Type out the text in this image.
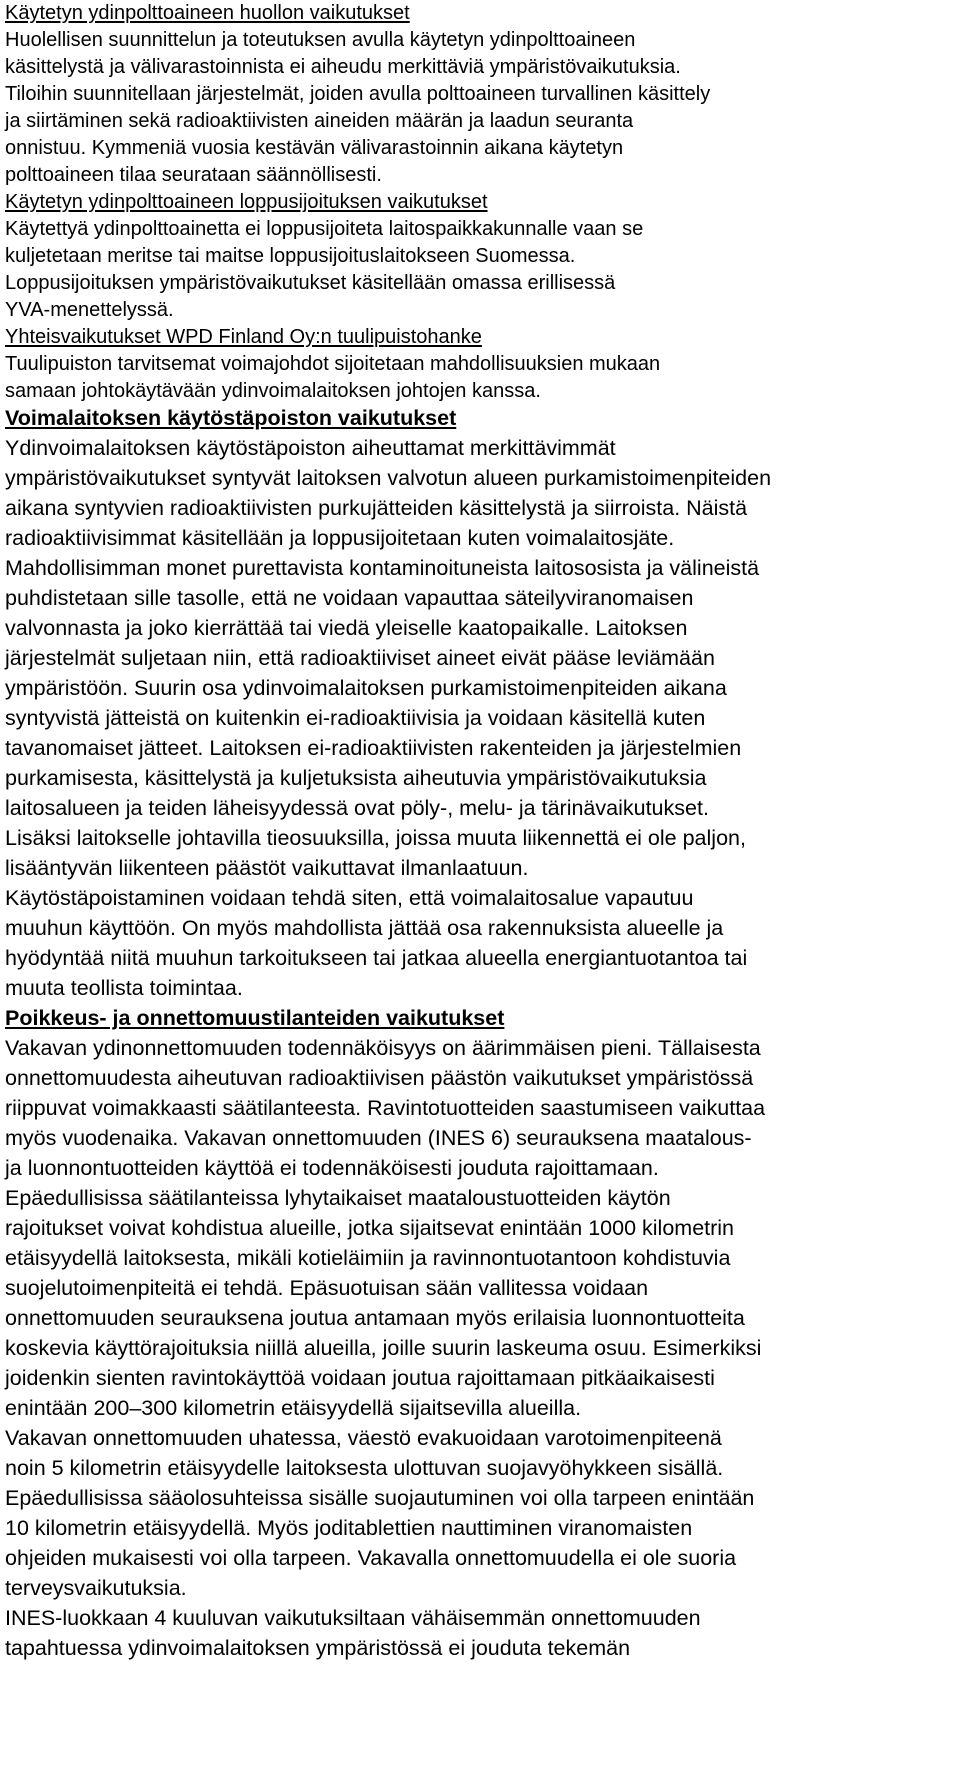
Käytetyn ydinpolttoaineen huollon vaikutukset
Huolellisen suunnittelun ja toteutuksen avulla käytetyn ydinpolttoaineen
käsittelystä ja välivarastoinnista ei aiheudu merkittäviä ympäristövaikutuksia.
Tiloihin suunnitellaan järjestelmät, joiden avulla polttoaineen turvallinen käsittely
ja siirtäminen sekä radioaktiivisten aineiden määrän ja laadun seuranta
onnistuu. Kymmeniä vuosia kestävän välivarastoinnin aikana käytetyn
polttoaineen tilaa seurataan säännöllisesti.
Käytetyn ydinpolttoaineen loppusijoituksen vaikutukset
Käytettyä ydinpolttoainetta ei loppusijoiteta laitospaikkakunnalle vaan se
kuljetetaan meritse tai maitse loppusijoituslaitokseen Suomessa.
Loppusijoituksen ympäristövaikutukset käsitellään omassa erillisessä
YVA-menettelyssä.
Yhteisvaikutukset WPD Finland Oy:n tuulipuistohanke
Tuulipuiston tarvitsemat voimajohdot sijoitetaan mahdollisuuksien mukaan
samaan johtokäytävään ydinvoimalaitoksen johtojen kanssa.
Voimalaitoksen käytöstäpoiston vaikutukset
Ydinvoimalaitoksen käytöstäpoiston aiheuttamat merkittävimmät
ympäristövaikutukset syntyvät laitoksen valvotun alueen purkamistoimenpiteiden
aikana syntyvien radioaktiivisten purkujätteiden käsittelystä ja siirroista. Näistä
radioaktiivisimmat käsitellään ja loppusijoitetaan kuten voimalaitosjäte.
Mahdollisimman monet purettavista kontaminoituneista laitososista ja välineistä
puhdistetaan sille tasolle, että ne voidaan vapauttaa säteilyviranomaisen
valvonnasta ja joko kierrättää tai viedä yleiselle kaatopaikalle. Laitoksen
järjestelmät suljetaan niin, että radioaktiiviset aineet eivät pääse leviämään
ympäristöön. Suurin osa ydinvoimalaitoksen purkamistoimenpiteiden aikana
syntyvistä jätteistä on kuitenkin ei-radioaktiivisia ja voidaan käsitellä kuten
tavanomaiset jätteet. Laitoksen ei-radioaktiivisten rakenteiden ja järjestelmien
purkamisesta, käsittelystä ja kuljetuksista aiheutuvia ympäristövaikutuksia
laitosalueen ja teiden läheisyydessä ovat pöly-, melu- ja tärinävaikutukset.
Lisäksi laitokselle johtavilla tieosuuksilla, joissa muuta liikennettä ei ole paljon,
lisääntyvän liikenteen päästöt vaikuttavat ilmanlaatuun.
Käytöstäpoistaminen voidaan tehdä siten, että voimalaitosalue vapautuu
muuhun käyttöön. On myös mahdollista jättää osa rakennuksista alueelle ja
hyödyntää niitä muuhun tarkoitukseen tai jatkaa alueella energiantuotantoa tai
muuta teollista toimintaa.
Poikkeus- ja onnettomuustilanteiden vaikutukset
Vakavan ydinonnettomuuden todennäköisyys on äärimmäisen pieni. Tällaisesta
onnettomuudesta aiheutuvan radioaktiivisen päästön vaikutukset ympäristössä
riippuvat voimakkaasti säätilanteesta. Ravintotuotteiden saastumiseen vaikuttaa
myös vuodenaika. Vakavan onnettomuuden (INES 6) seurauksena maatalous-
ja luonnontuotteiden käyttöä ei todennäköisesti jouduta rajoittamaan.
Epäedullisissa säätilanteissa lyhytaikaiset maataloustuotteiden käytön
rajoitukset voivat kohdistua alueille, jotka sijaitsevat enintään 1000 kilometrin
etäisyydellä laitoksesta, mikäli kotieläimiin ja ravinnontuotantoon kohdistuvia
suojelutoimenpiteitä ei tehdä. Epäsuotuisan sään vallitessa voidaan
onnettomuuden seurauksena joutua antamaan myös erilaisia luonnontuotteita
koskevia käyttörajoituksia niillä alueilla, joille suurin laskeuma osuu. Esimerkiksi
joidenkin sienten ravintokäyttöä voidaan joutua rajoittamaan pitkäaikaisesti
enintään 200–300 kilometrin etäisyydellä sijaitsevilla alueilla.
Vakavan onnettomuuden uhatessa, väestö evakuoidaan varotoimenpiteenä
noin 5 kilometrin etäisyydelle laitoksesta ulottuvan suojavyöhykkeen sisällä.
Epäedullisissa sääolosuhteissa sisälle suojautuminen voi olla tarpeen enintään
10 kilometrin etäisyydellä. Myös joditablettien nauttiminen viranomaisten
ohjeiden mukaisesti voi olla tarpeen. Vakavalla onnettomuudella ei ole suoria
terveysvaikutuksia.
INES-luokkaan 4 kuuluvan vaikutuksiltaan vähäisemmän onnettomuuden
tapahtuessa ydinvoimalaitoksen ympäristössä ei jouduta tekemän
